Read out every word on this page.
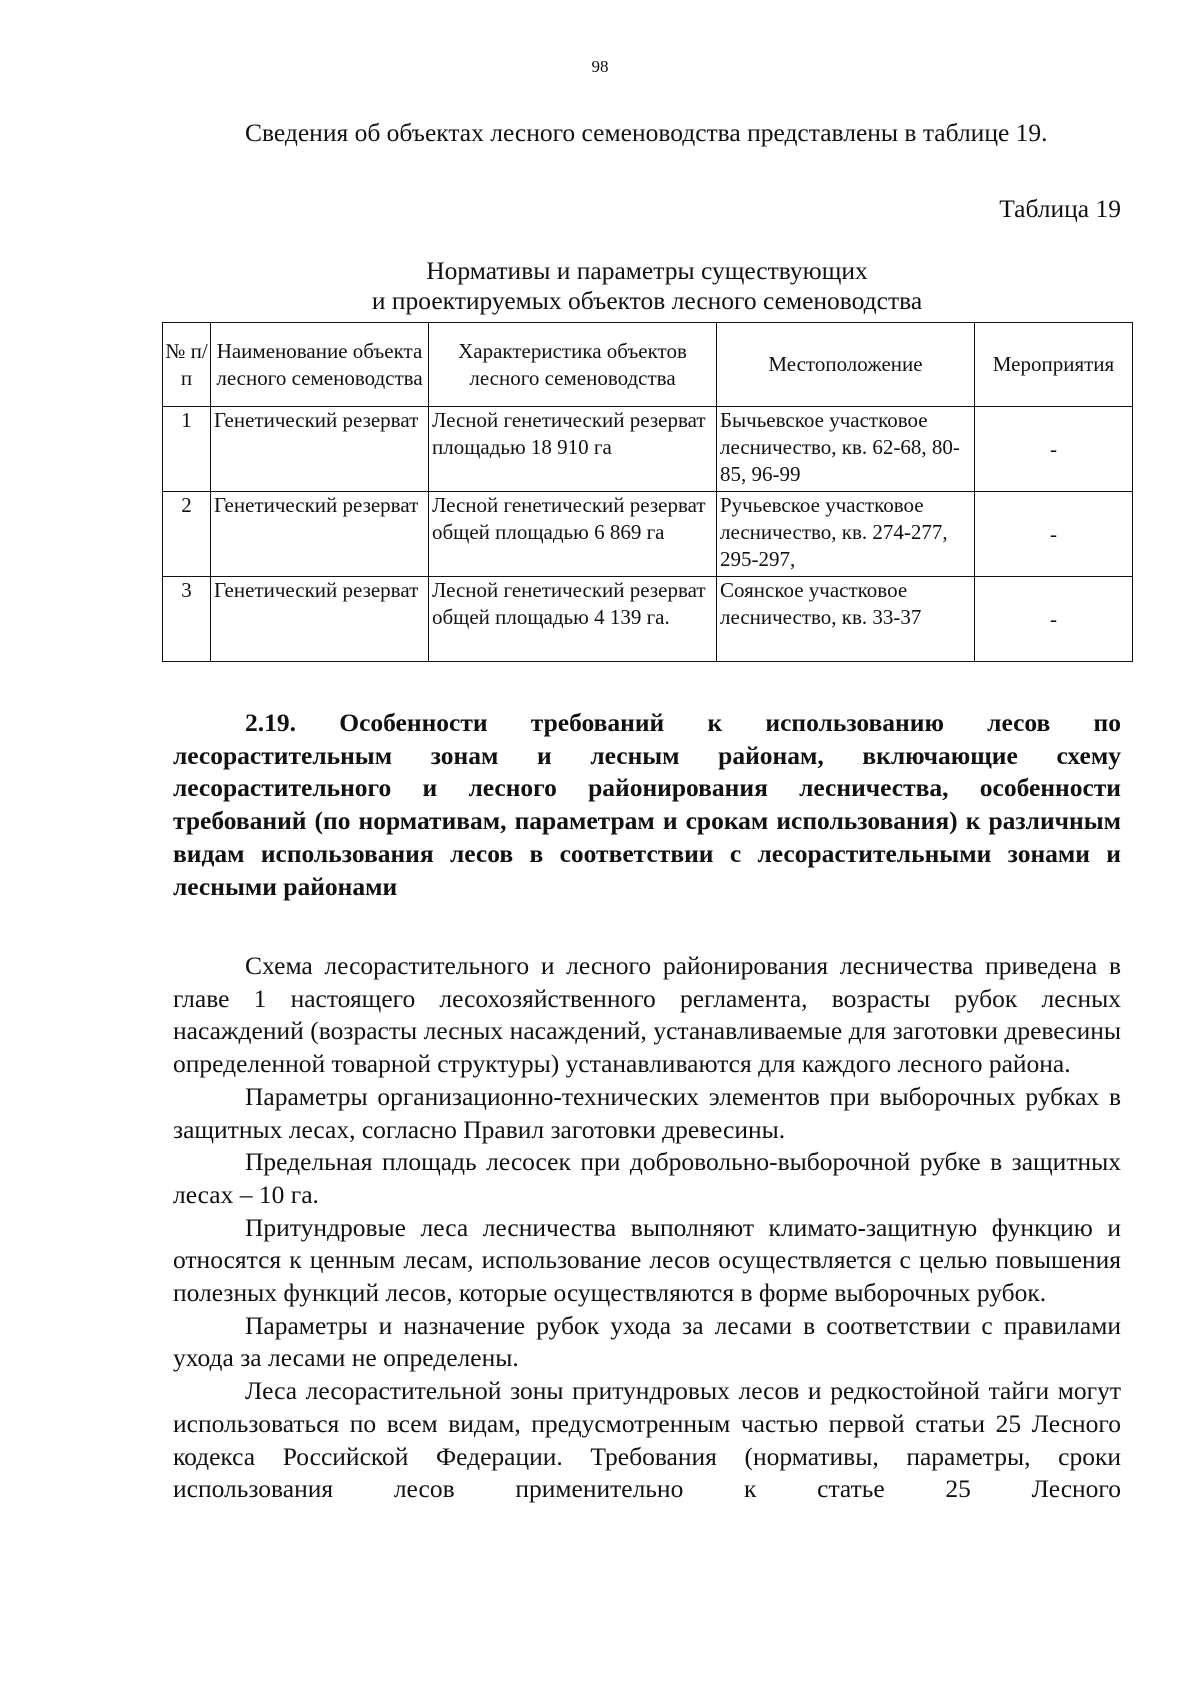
98

Сведения об объектах лесного семеноводства представлены в таблице 19.

Таблица 19
Нормативы и параметры существующих
и проектируемых объектов лесного семеноводства
№ п/ п	Наименование объекта лесного семеноводства	Характеристика объектов лесного семеноводства	Местоположение	Мероприятия
1	Генетический резерват	Лесной генетический резерват площадью 18 910 га	Бычьевское участковое лесничество, кв. 62-68, 80-85, 96-99	-
2	Генетический резерват	Лесной генетический резерват общей площадью 6 869 га	Ручьевское участковое лесничество, кв. 274-277, 295-297,	-
3	Генетический резерват	Лесной генетический резерват общей площадью 4 139 га.	Соянское участковое лесничество, кв. 33-37	-

2.19. Особенности требований к использованию лесов по лесорастительным зонам и лесным районам, включающие схему лесорастительного и лесного районирования лесничества, особенности требований (по нормативам, параметрам и срокам использования) к различным видам использования лесов в соответствии с лесорастительными зонами и лесными районами

Схема лесорастительного и лесного районирования лесничества приведена в главе 1 настоящего лесохозяйственного регламента, возрасты рубок лесных насаждений (возрасты лесных насаждений, устанавливаемые для заготовки древесины определенной товарной структуры) устанавливаются для каждого лесного района.

Параметры организационно-технических элементов при выборочных рубках в защитных лесах, согласно Правил заготовки древесины.

Предельная площадь лесосек при добровольно-выборочной рубке в защитных лесах – 10 га.

Притундровые леса лесничества выполняют климато-защитную функцию и относятся к ценным лесам, использование лесов осуществляется с целью повышения полезных функций лесов, которые осуществляются в форме выборочных рубок.

Параметры и назначение рубок ухода за лесами в соответствии с правилами ухода за лесами не определены.

Леса лесорастительной зоны притундровых лесов и редкостойной тайги могут использоваться по всем видам, предусмотренным частью первой статьи 25 Лесного кодекса Российской Федерации. Требования (нормативы, параметры, сроки использования лесов применительно к статье 25 Лесного
